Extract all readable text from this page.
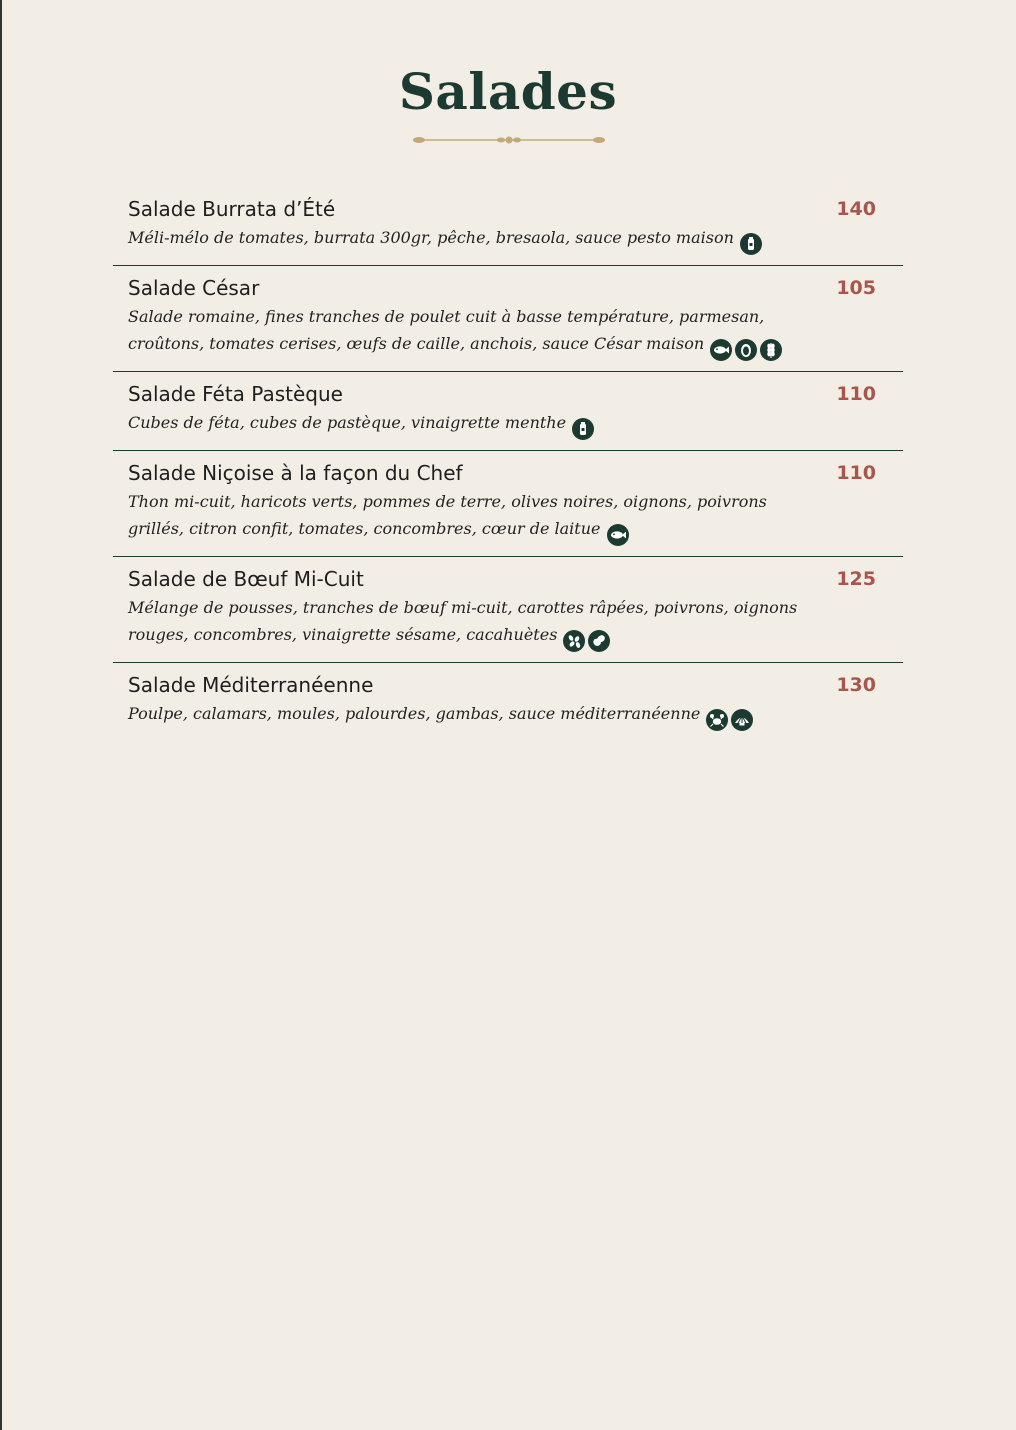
Salades
Salade Burrata d’Été	140
Méli-mélo de tomates, burrata 300gr, pêche, bresaola, sauce pesto maison
Salade César	105
Salade romaine, fines tranches de poulet cuit à basse température, parmesan, croûtons, tomates cerises, œufs de caille, anchois, sauce César maison
Salade Féta Pastèque	110
Cubes de féta, cubes de pastèque, vinaigrette menthe
Salade Niçoise à la façon du Chef	110
Thon mi-cuit, haricots verts, pommes de terre, olives noires, oignons, poivrons grillés, citron confit, tomates, concombres, cœur de laitue
Salade de Bœuf Mi-Cuit	125
Mélange de pousses, tranches de bœuf mi-cuit, carottes râpées, poivrons, oignons rouges, concombres, vinaigrette sésame, cacahuètes
Salade Méditerranéenne	130
Poulpe, calamars, moules, palourdes, gambas, sauce méditerranéenne
